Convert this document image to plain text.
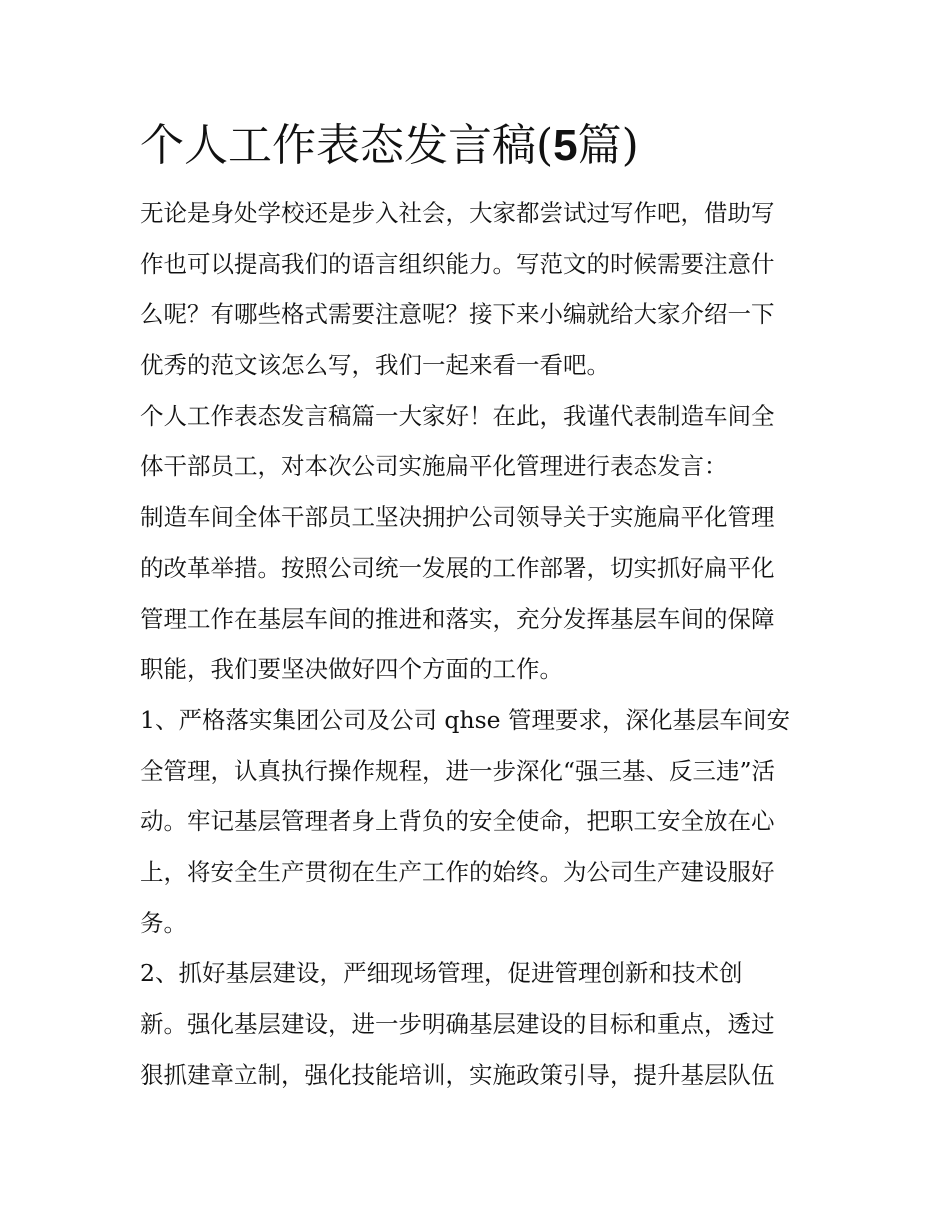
个人工作表态发言稿(5篇)

无论是身处学校还是步入社会，大家都尝试过写作吧，借助写
作也可以提高我们的语言组织能力。写范文的时候需要注意什
么呢？有哪些格式需要注意呢？接下来小编就给大家介绍一下
优秀的范文该怎么写，我们一起来看一看吧。

个人工作表态发言稿篇一大家好！在此，我谨代表制造车间全
体干部员工，对本次公司实施扁平化管理进行表态发言：

制造车间全体干部员工坚决拥护公司领导关于实施扁平化管理
的改革举措。按照公司统一发展的工作部署，切实抓好扁平化
管理工作在基层车间的推进和落实，充分发挥基层车间的保障
职能，我们要坚决做好四个方面的工作。

1、严格落实集团公司及公司 qhse 管理要求，深化基层车间安
全管理，认真执行操作规程，进一步深化“强三基、反三违”活
动。牢记基层管理者身上背负的安全使命，把职工安全放在心
上，将安全生产贯彻在生产工作的始终。为公司生产建设服好
务。

2、抓好基层建设，严细现场管理，促进管理创新和技术创
新。强化基层建设，进一步明确基层建设的目标和重点，透过
狠抓建章立制，强化技能培训，实施政策引导，提升基层队伍
